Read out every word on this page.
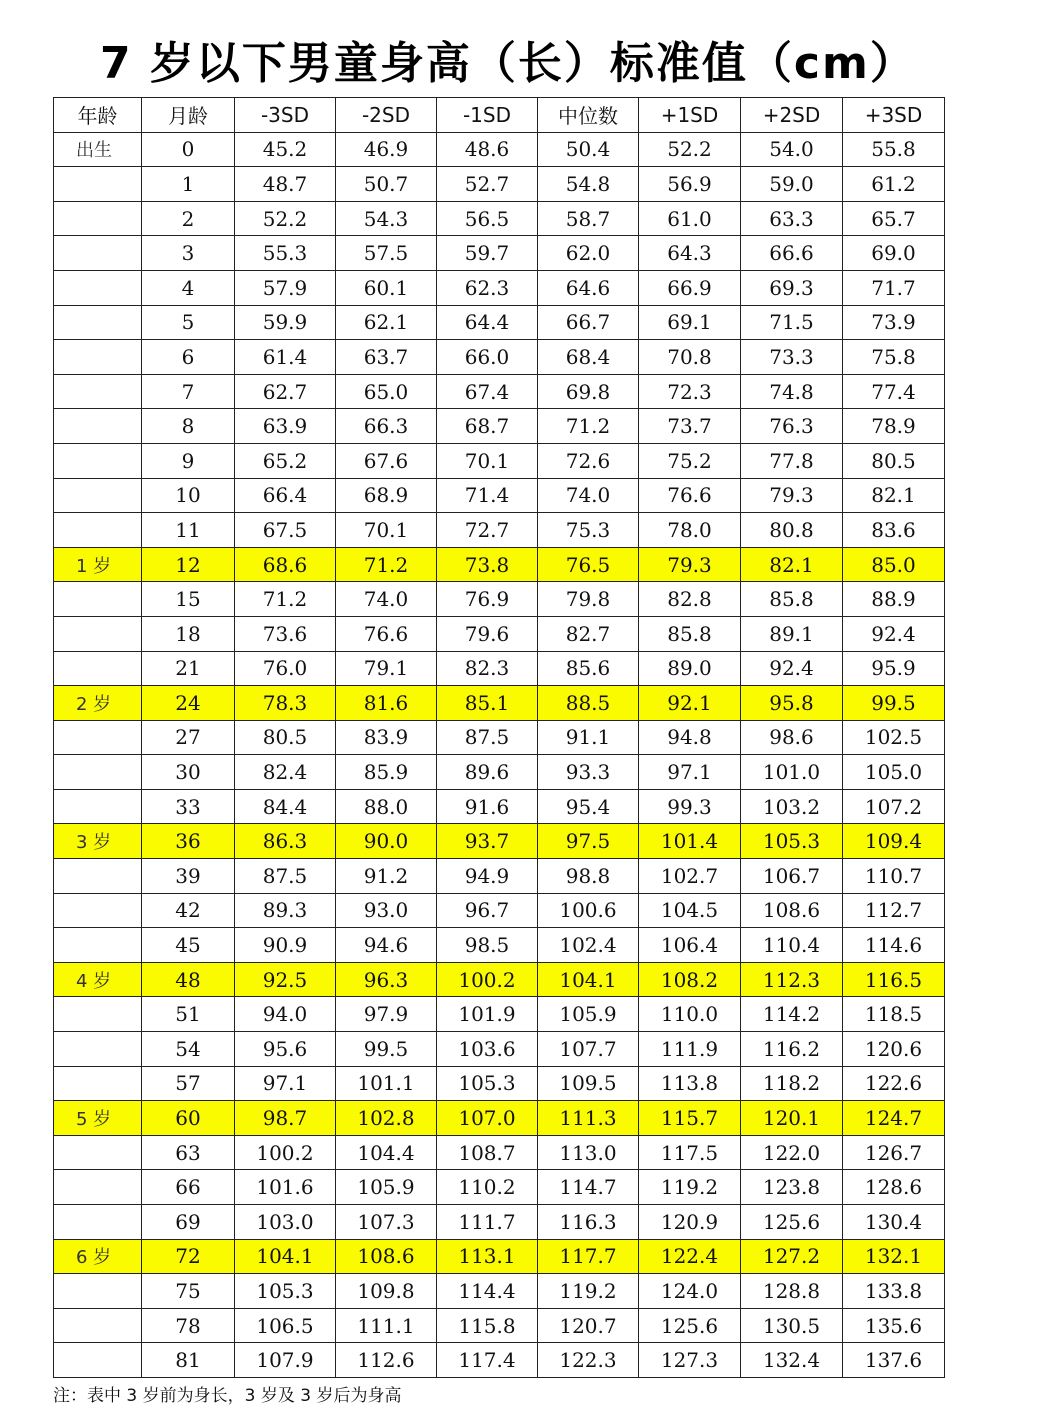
7 岁以下男童身高（长）标准值（cm）
年龄	月龄	-3SD	-2SD	-1SD	中位数	+1SD	+2SD	+3SD
出生	0	45.2	46.9	48.6	50.4	52.2	54.0	55.8
	1	48.7	50.7	52.7	54.8	56.9	59.0	61.2
	2	52.2	54.3	56.5	58.7	61.0	63.3	65.7
	3	55.3	57.5	59.7	62.0	64.3	66.6	69.0
	4	57.9	60.1	62.3	64.6	66.9	69.3	71.7
	5	59.9	62.1	64.4	66.7	69.1	71.5	73.9
	6	61.4	63.7	66.0	68.4	70.8	73.3	75.8
	7	62.7	65.0	67.4	69.8	72.3	74.8	77.4
	8	63.9	66.3	68.7	71.2	73.7	76.3	78.9
	9	65.2	67.6	70.1	72.6	75.2	77.8	80.5
	10	66.4	68.9	71.4	74.0	76.6	79.3	82.1
	11	67.5	70.1	72.7	75.3	78.0	80.8	83.6
1 岁	12	68.6	71.2	73.8	76.5	79.3	82.1	85.0
	15	71.2	74.0	76.9	79.8	82.8	85.8	88.9
	18	73.6	76.6	79.6	82.7	85.8	89.1	92.4
	21	76.0	79.1	82.3	85.6	89.0	92.4	95.9
2 岁	24	78.3	81.6	85.1	88.5	92.1	95.8	99.5
	27	80.5	83.9	87.5	91.1	94.8	98.6	102.5
	30	82.4	85.9	89.6	93.3	97.1	101.0	105.0
	33	84.4	88.0	91.6	95.4	99.3	103.2	107.2
3 岁	36	86.3	90.0	93.7	97.5	101.4	105.3	109.4
	39	87.5	91.2	94.9	98.8	102.7	106.7	110.7
	42	89.3	93.0	96.7	100.6	104.5	108.6	112.7
	45	90.9	94.6	98.5	102.4	106.4	110.4	114.6
4 岁	48	92.5	96.3	100.2	104.1	108.2	112.3	116.5
	51	94.0	97.9	101.9	105.9	110.0	114.2	118.5
	54	95.6	99.5	103.6	107.7	111.9	116.2	120.6
	57	97.1	101.1	105.3	109.5	113.8	118.2	122.6
5 岁	60	98.7	102.8	107.0	111.3	115.7	120.1	124.7
	63	100.2	104.4	108.7	113.0	117.5	122.0	126.7
	66	101.6	105.9	110.2	114.7	119.2	123.8	128.6
	69	103.0	107.3	111.7	116.3	120.9	125.6	130.4
6 岁	72	104.1	108.6	113.1	117.7	122.4	127.2	132.1
	75	105.3	109.8	114.4	119.2	124.0	128.8	133.8
	78	106.5	111.1	115.8	120.7	125.6	130.5	135.6
	81	107.9	112.6	117.4	122.3	127.3	132.4	137.6
注：表中 3 岁前为身长，3 岁及 3 岁后为身高
